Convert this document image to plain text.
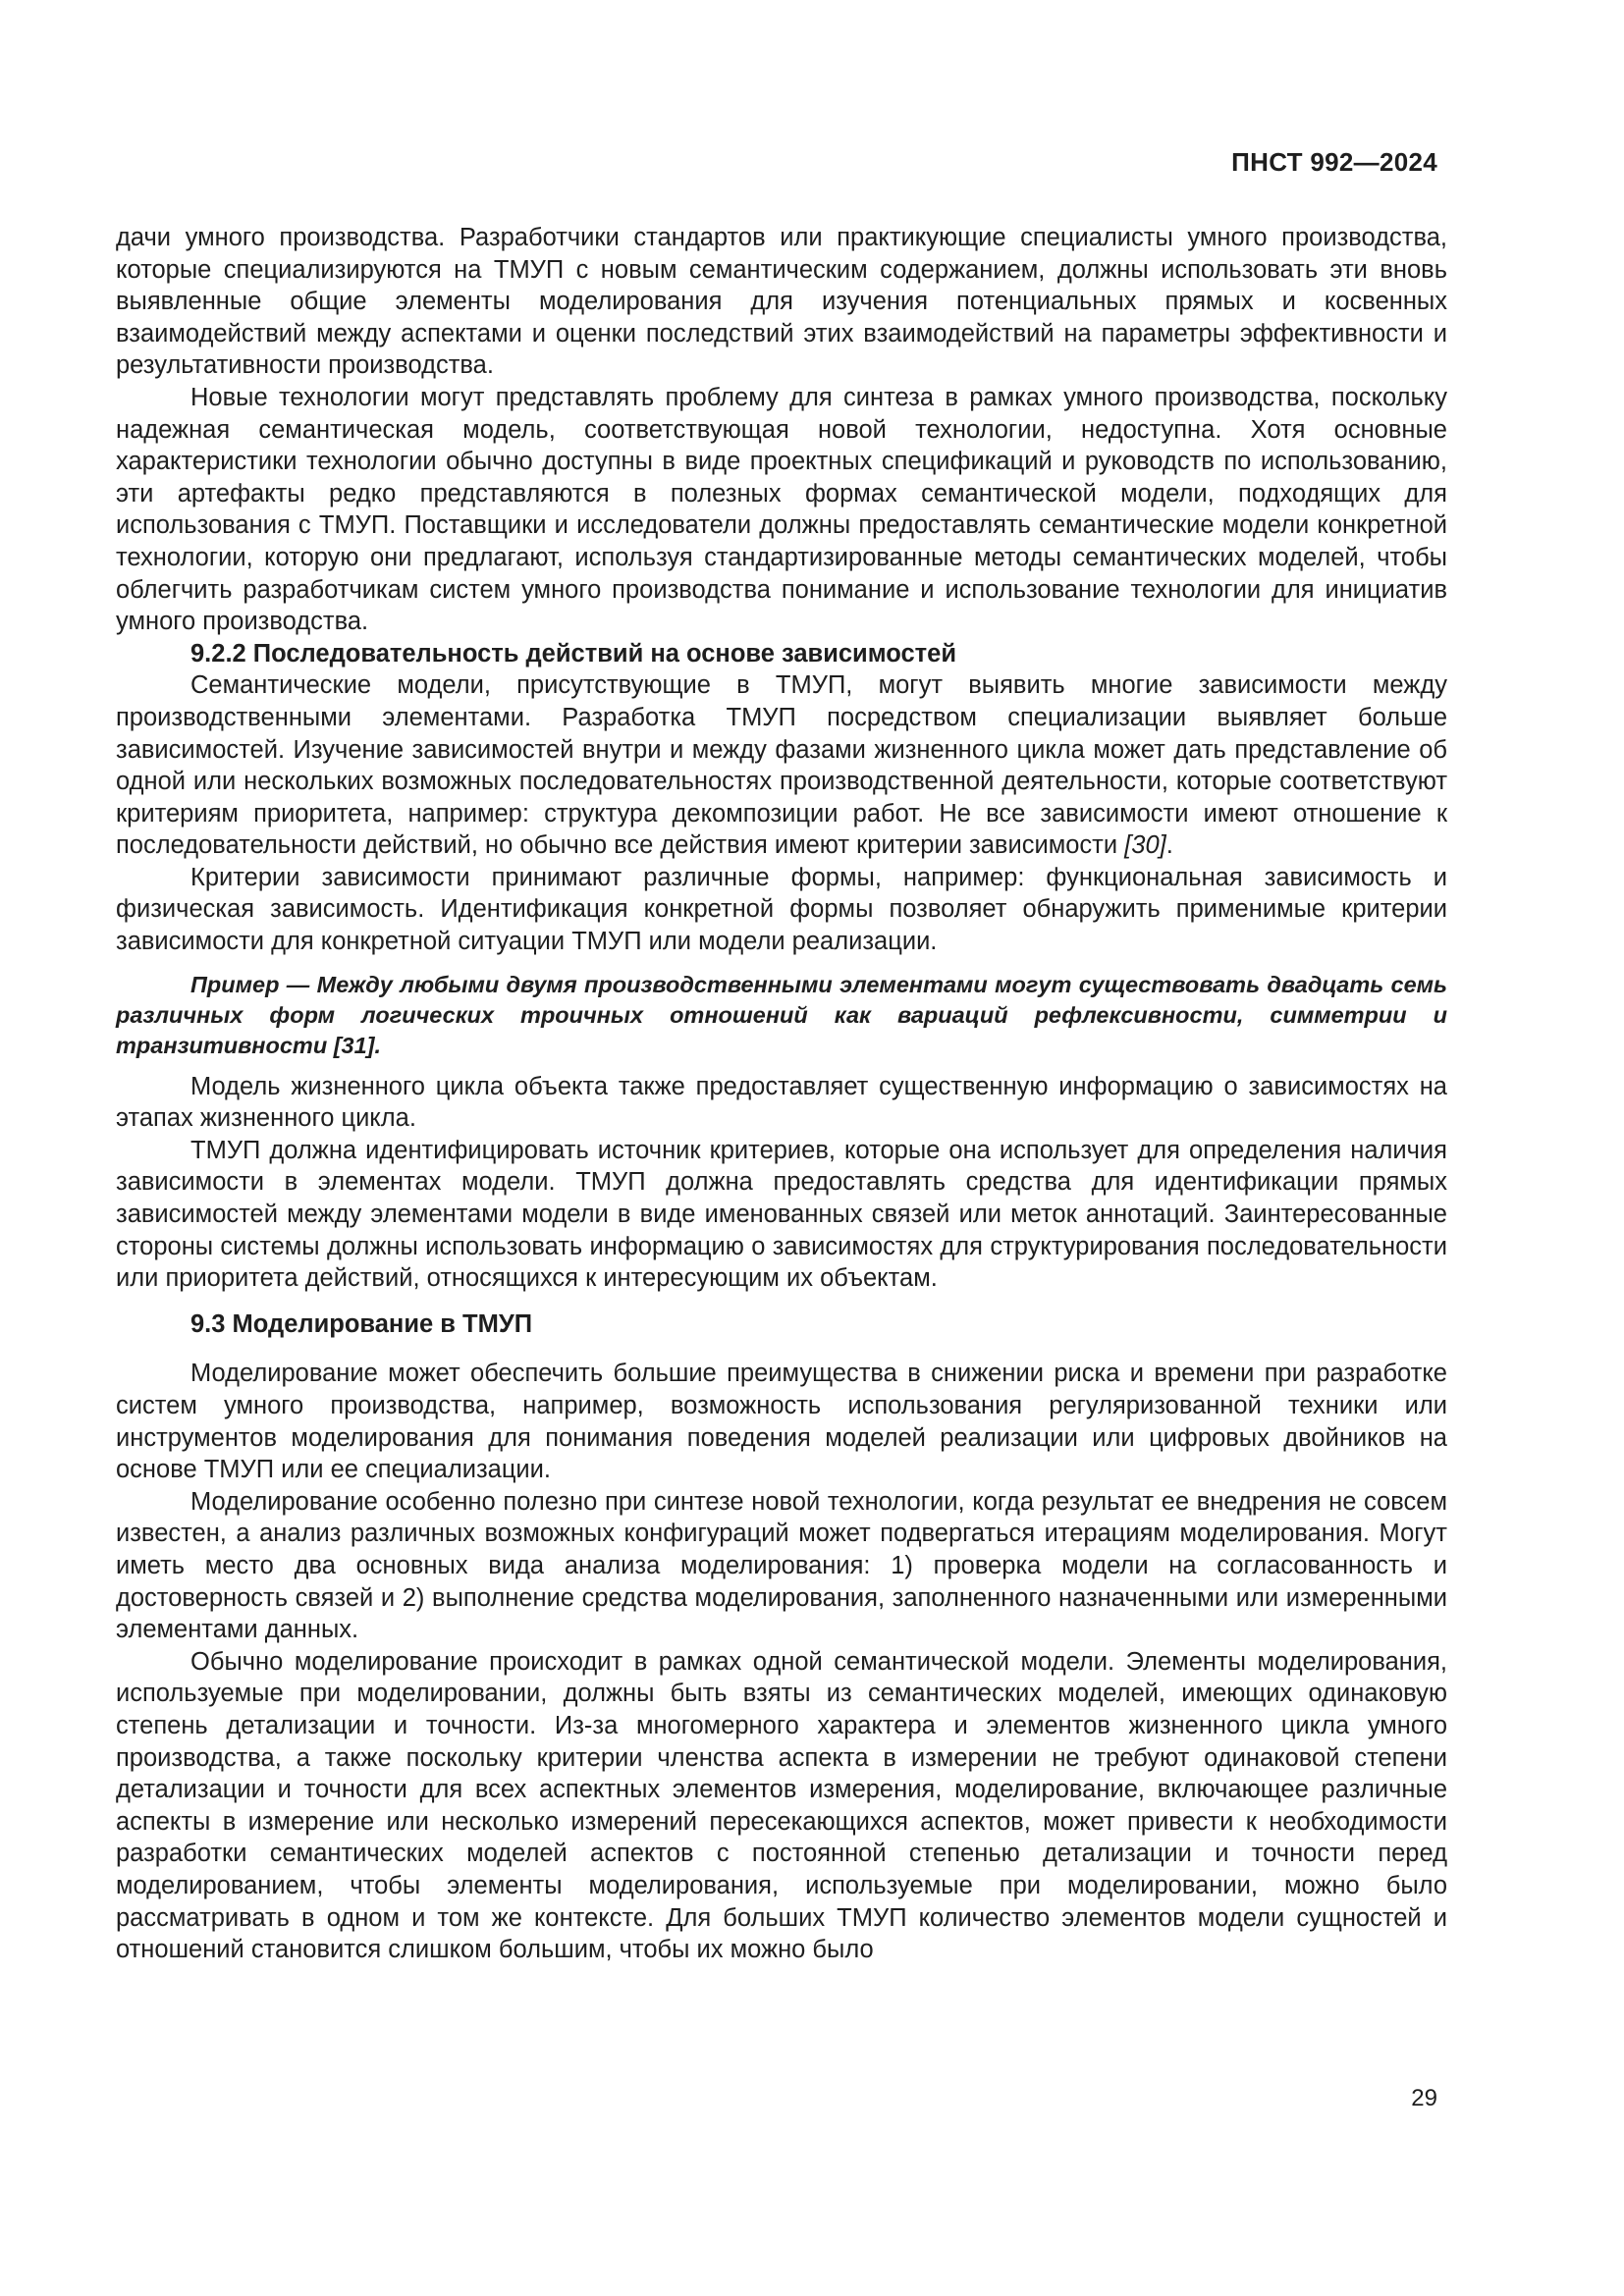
ПНСТ 992—2024

дачи умного производства. Разработчики стандартов или практикующие специалисты умного производства, которые специализируются на ТМУП с новым семантическим содержанием, должны использовать эти вновь выявленные общие элементы моделирования для изучения потенциальных прямых и косвенных взаимодействий между аспектами и оценки последствий этих взаимодействий на параметры эффективности и результативности производства.

Новые технологии могут представлять проблему для синтеза в рамках умного производства, поскольку надежная семантическая модель, соответствующая новой технологии, недоступна. Хотя основные характеристики технологии обычно доступны в виде проектных спецификаций и руководств по использованию, эти артефакты редко представляются в полезных формах семантической модели, подходящих для использования с ТМУП. Поставщики и исследователи должны предоставлять семантические модели конкретной технологии, которую они предлагают, используя стандартизированные методы семантических моделей, чтобы облегчить разработчикам систем умного производства понимание и использование технологии для инициатив умного производства.

9.2.2 Последовательность действий на основе зависимостей

Семантические модели, присутствующие в ТМУП, могут выявить многие зависимости между производственными элементами. Разработка ТМУП посредством специализации выявляет больше зависимостей. Изучение зависимостей внутри и между фазами жизненного цикла может дать представление об одной или нескольких возможных последовательностях производственной деятельности, которые соответствуют критериям приоритета, например: структура декомпозиции работ. Не все зависимости имеют отношение к последовательности действий, но обычно все действия имеют критерии зависимости [30].

Критерии зависимости принимают различные формы, например: функциональная зависимость и физическая зависимость. Идентификация конкретной формы позволяет обнаружить применимые критерии зависимости для конкретной ситуации ТМУП или модели реализации.

Пример — Между любыми двумя производственными элементами могут существовать двадцать семь различных форм логических троичных отношений как вариаций рефлексивности, симметрии и транзитивности [31].

Модель жизненного цикла объекта также предоставляет существенную информацию о зависимостях на этапах жизненного цикла.

ТМУП должна идентифицировать источник критериев, которые она использует для определения наличия зависимости в элементах модели. ТМУП должна предоставлять средства для идентификации прямых зависимостей между элементами модели в виде именованных связей или меток аннотаций. Заинтересованные стороны системы должны использовать информацию о зависимостях для структурирования последовательности или приоритета действий, относящихся к интересующим их объектам.

9.3 Моделирование в ТМУП

Моделирование может обеспечить большие преимущества в снижении риска и времени при разработке систем умного производства, например, возможность использования регуляризованной техники или инструментов моделирования для понимания поведения моделей реализации или цифровых двойников на основе ТМУП или ее специализации.

Моделирование особенно полезно при синтезе новой технологии, когда результат ее внедрения не совсем известен, а анализ различных возможных конфигураций может подвергаться итерациям моделирования. Могут иметь место два основных вида анализа моделирования: 1) проверка модели на согласованность и достоверность связей и 2) выполнение средства моделирования, заполненного назначенными или измеренными элементами данных.

Обычно моделирование происходит в рамках одной семантической модели. Элементы моделирования, используемые при моделировании, должны быть взяты из семантических моделей, имеющих одинаковую степень детализации и точности. Из-за многомерного характера и элементов жизненного цикла умного производства, а также поскольку критерии членства аспекта в измерении не требуют одинаковой степени детализации и точности для всех аспектных элементов измерения, моделирование, включающее различные аспекты в измерение или несколько измерений пересекающихся аспектов, может привести к необходимости разработки семантических моделей аспектов с постоянной степенью детализации и точности перед моделированием, чтобы элементы моделирования, используемые при моделировании, можно было рассматривать в одном и том же контексте. Для больших ТМУП количество элементов модели сущностей и отношений становится слишком большим, чтобы их можно было

29
